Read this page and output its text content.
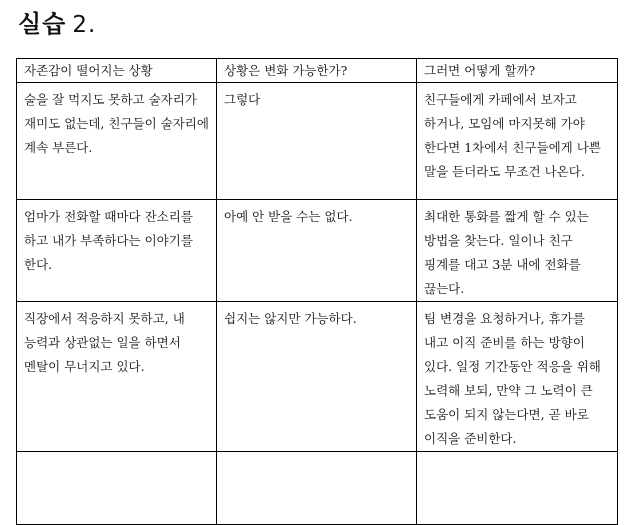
실습 2.
자존감이 떨어지는 상황	상황은 변화 가능한가?	그러면 어떻게 할까?
술을 잘 먹지도 못하고 술자리가 재미도 없는데, 친구들이 술자리에 계속 부른다.	그렇다	친구들에게 카페에서 보자고 하거나, 모임에 마지못해 가야 한다면 1차에서 친구들에게 나쁜 말을 듣더라도 무조건 나온다.
엄마가 전화할 때마다 잔소리를 하고 내가 부족하다는 이야기를 한다.	아예 안 받을 수는 없다.	최대한 통화를 짧게 할 수 있는 방법을 찾는다. 일이나 친구 핑계를 대고 3분 내에 전화를 끊는다.
직장에서 적응하지 못하고, 내 능력과 상관없는 일을 하면서 멘탈이 무너지고 있다.	쉽지는 않지만 가능하다.	팀 변경을 요청하거나, 휴가를 내고 이직 준비를 하는 방향이 있다. 일정 기간동안 적응을 위해 노력해 보되, 만약 그 노력이 큰 도움이 되지 않는다면, 곧 바로 이직을 준비한다.
